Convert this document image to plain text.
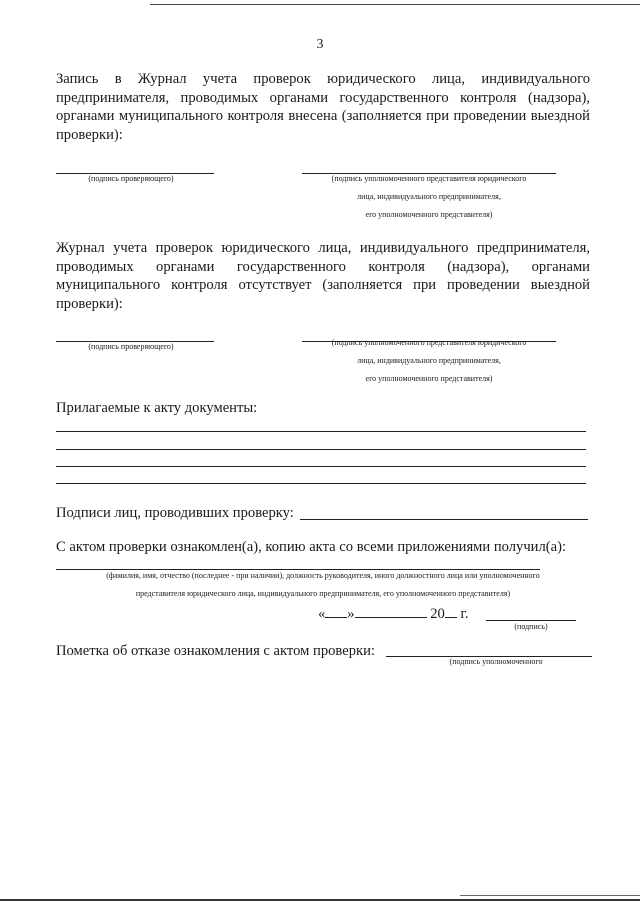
3
Запись в Журнал учета проверок юридического лица, индивидуального предпринимателя, проводимых органами государственного контроля (надзора), органами муниципального контроля внесена (заполняется при проведении выездной проверки):
(подпись проверяющего)	(подпись уполномоченного представителя юридического
лица, индивидуального предпринимателя,
его уполномоченного представителя)
Журнал учета проверок юридического лица, индивидуального предпринимателя, проводимых органами государственного контроля (надзора), органами муниципального контроля отсутствует (заполняется при проведении выездной проверки):
(подпись проверяющего)	(подпись уполномоченного представителя юридического
лица, индивидуального предпринимателя,
его уполномоченного представителя)
Прилагаемые к акту документы:
Подписи лиц, проводивших проверку:
С актом проверки ознакомлен(а), копию акта со всеми приложениями получил(а):
(фамилия, имя, отчество (последнее - при наличии), должность руководителя, иного должностного лица или уполномоченного
представителя юридического лица, индивидуального предпринимателя, его уполномоченного представителя)
« »	20 г.
(подпись)
Пометка об отказе ознакомления с актом проверки:
(подпись уполномоченного
